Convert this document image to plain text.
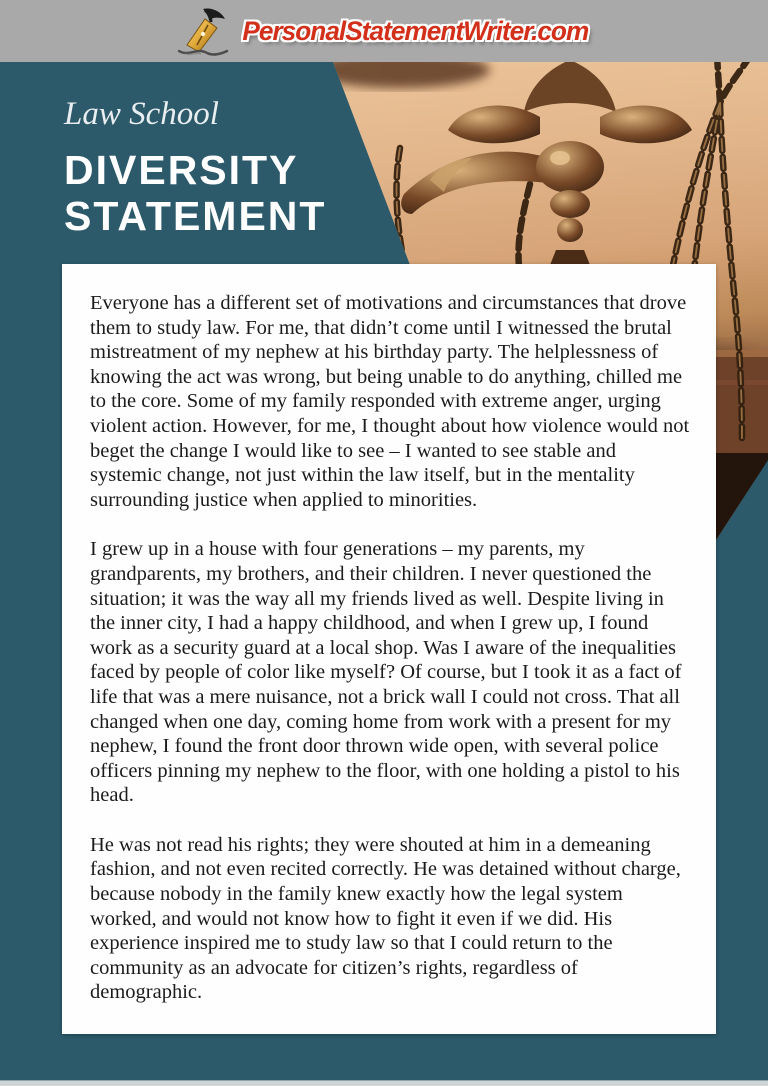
PersonalStatementWriter.com
Law School
DIVERSITY
STATEMENT

Everyone has a different set of motivations and circumstances that drove them to study law. For me, that didn’t come until I witnessed the brutal mistreatment of my nephew at his birthday party. The helplessness of knowing the act was wrong, but being unable to do anything, chilled me to the core. Some of my family responded with extreme anger, urging violent action. However, for me, I thought about how violence would not beget the change I would like to see – I wanted to see stable and systemic change, not just within the law itself, but in the mentality surrounding justice when applied to minorities.

I grew up in a house with four generations – my parents, my grandparents, my brothers, and their children. I never questioned the situation; it was the way all my friends lived as well. Despite living in the inner city, I had a happy childhood, and when I grew up, I found work as a security guard at a local shop. Was I aware of the inequalities faced by people of color like myself? Of course, but I took it as a fact of life that was a mere nuisance, not a brick wall I could not cross. That all changed when one day, coming home from work with a present for my nephew, I found the front door thrown wide open, with several police officers pinning my nephew to the floor, with one holding a pistol to his head.

He was not read his rights; they were shouted at him in a demeaning fashion, and not even recited correctly. He was detained without charge, because nobody in the family knew exactly how the legal system worked, and would not know how to fight it even if we did. His experience inspired me to study law so that I could return to the community as an advocate for citizen’s rights, regardless of demographic.
